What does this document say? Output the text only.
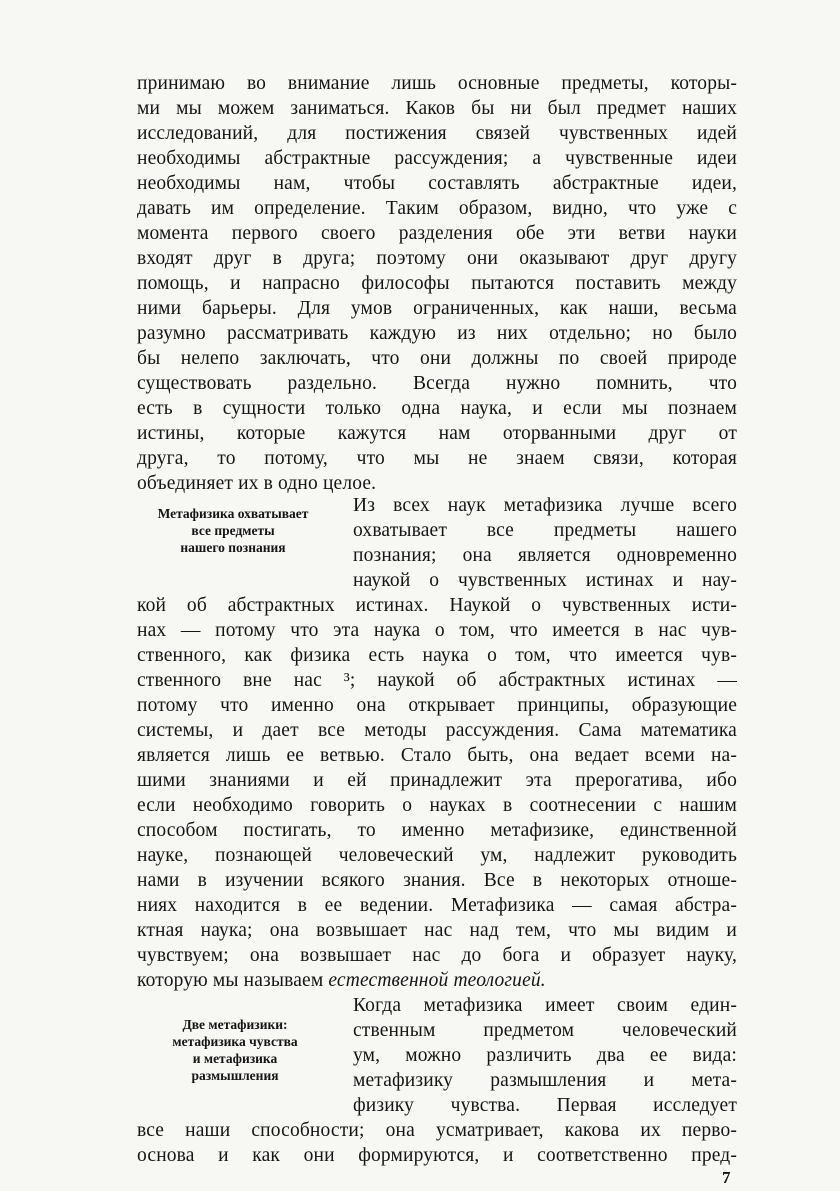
принимаю во внимание лишь основные предметы, которы-
ми мы можем заниматься. Каков бы ни был предмет наших
исследований, для постижения связей чувственных идей
необходимы абстрактные рассуждения; а чувственные идеи
необходимы нам, чтобы составлять абстрактные идеи,
давать им определение. Таким образом, видно, что уже с
момента первого своего разделения обе эти ветви науки
входят друг в друга; поэтому они оказывают друг другу
помощь, и напрасно философы пытаются поставить между
ними барьеры. Для умов ограниченных, как наши, весьма
разумно рассматривать каждую из них отдельно; но было
бы нелепо заключать, что они должны по своей природе
существовать раздельно. Всегда нужно помнить, что
есть в сущности только одна наука, и если мы познаем
истины, которые кажутся нам оторванными друг от
друга, то потому, что мы не знаем связи, которая
объединяет их в одно целое.
Метафизика охватывает
все предметы
нашего познания
Из всех наук метафизика лучше всего
охватывает все предметы нашего
познания; она является одновременно
наукой о чувственных истинах и нау-
кой об абстрактных истинах. Наукой о чувственных исти-
нах — потому что эта наука о том, что имеется в нас чув-
ственного, как физика есть наука о том, что имеется чув-
ственного вне нас ³; наукой об абстрактных истинах —
потому что именно она открывает принципы, образующие
системы, и дает все методы рассуждения. Сама математика
является лишь ее ветвью. Стало быть, она ведает всеми на-
шими знаниями и ей принадлежит эта прерогатива, ибо
если необходимо говорить о науках в соотнесении с нашим
способом постигать, то именно метафизике, единственной
науке, познающей человеческий ум, надлежит руководить
нами в изучении всякого знания. Все в некоторых отноше-
ниях находится в ее ведении. Метафизика — самая абстра-
ктная наука; она возвышает нас над тем, что мы видим и
чувствуем; она возвышает нас до бога и образует науку,
которую мы называем естественной теологией.
Две метафизики:
метафизика чувства
и метафизика
размышления
Когда метафизика имеет своим един-
ственным предметом человеческий
ум, можно различить два ее вида:
метафизику размышления и мета-
физику чувства. Первая исследует
все наши способности; она усматривает, какова их перво-
основа и как они формируются, и соответственно пред-
7
